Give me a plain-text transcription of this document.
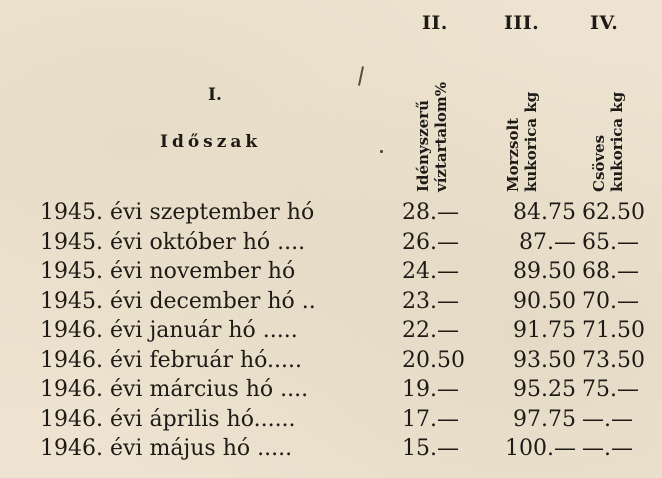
I.
Időszak
II.
Idényszerű víztartalom%
III.
Morzsolt kukorica kg
IV.
Csöves kukorica kg
1945. évi szeptember hó	28.—	84.75 62.50
1945. évi október hó ....	26.—	87.— 65.—
1945. évi november hó	24.—	89.50 68.—
1945. évi december hó ..	23.—	90.50 70.—
1946. évi január hó .....	22.—	91.75 71.50
1946. évi február hó.....	20.50	93.50 73.50
1946. évi március hó ....	19.—	95.25 75.—
1946. évi április hó......	17.—	97.75 —.—
1946. évi május hó .....	15.—	100.— —.—
